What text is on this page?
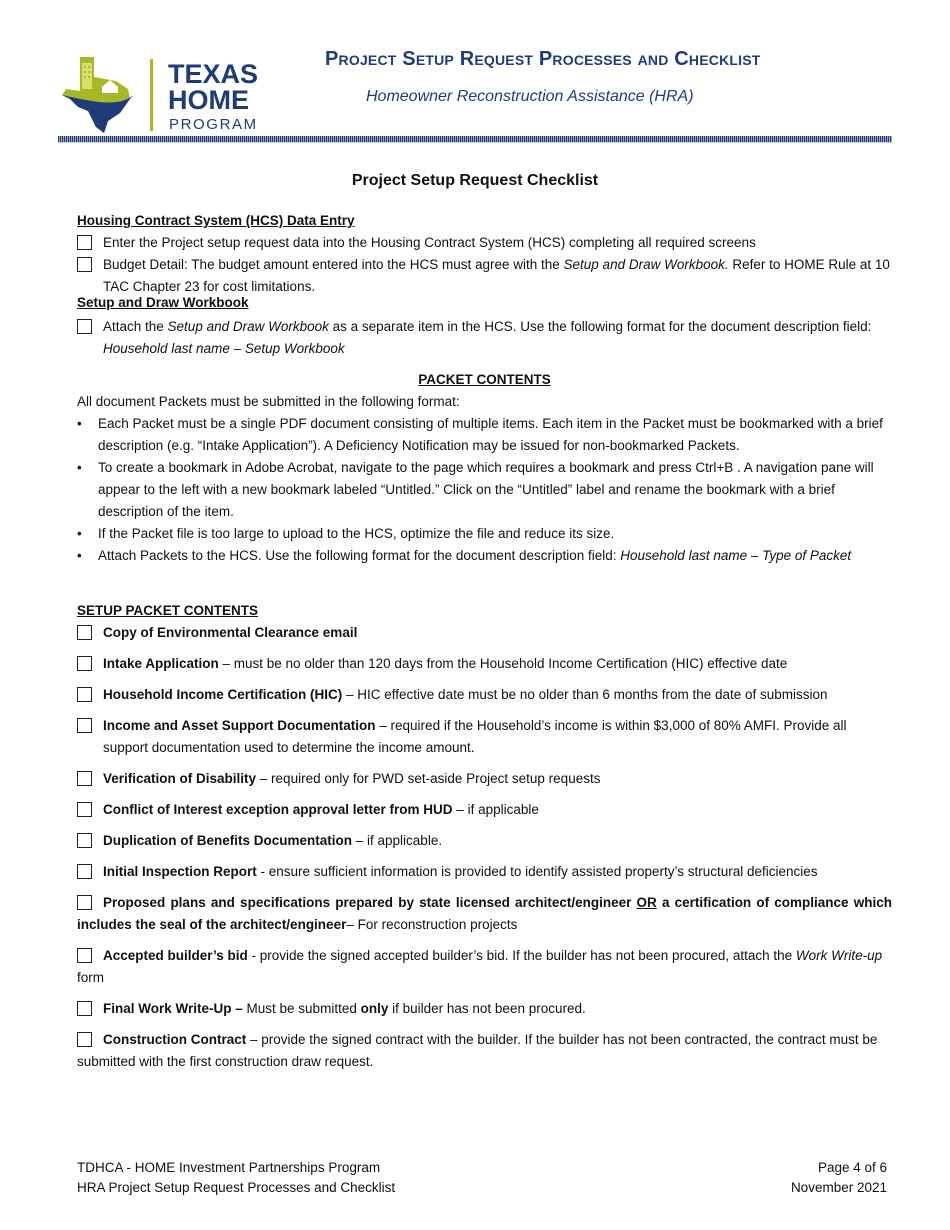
TEXAS
HOME
PROGRAM
Project Setup Request Processes and Checklist
Homeowner Reconstruction Assistance (HRA)
Project Setup Request Checklist
Housing Contract System (HCS) Data Entry
Enter the Project setup request data into the Housing Contract System (HCS) completing all required screens
Budget Detail: The budget amount entered into the HCS must agree with the Setup and Draw Workbook. Refer to HOME Rule at 10 TAC Chapter 23 for cost limitations.
Setup and Draw Workbook
Attach the Setup and Draw Workbook as a separate item in the HCS. Use the following format for the document description field: Household last name – Setup Workbook
PACKET CONTENTS
All document Packets must be submitted in the following format:
• Each Packet must be a single PDF document consisting of multiple items. Each item in the Packet must be bookmarked with a brief description (e.g. “Intake Application”). A Deficiency Notification may be issued for non-bookmarked Packets.
• To create a bookmark in Adobe Acrobat, navigate to the page which requires a bookmark and press Ctrl+B . A navigation pane will appear to the left with a new bookmark labeled “Untitled.” Click on the “Untitled” label and rename the bookmark with a brief description of the item.
• If the Packet file is too large to upload to the HCS, optimize the file and reduce its size.
• Attach Packets to the HCS. Use the following format for the document description field: Household last name – Type of Packet
SETUP PACKET CONTENTS
Copy of Environmental Clearance email
Intake Application – must be no older than 120 days from the Household Income Certification (HIC) effective date
Household Income Certification (HIC) – HIC effective date must be no older than 6 months from the date of submission
Income and Asset Support Documentation – required if the Household’s income is within $3,000 of 80% AMFI. Provide all support documentation used to determine the income amount.
Verification of Disability – required only for PWD set-aside Project setup requests
Conflict of Interest exception approval letter from HUD – if applicable
Duplication of Benefits Documentation – if applicable.
Initial Inspection Report - ensure sufficient information is provided to identify assisted property’s structural deficiencies
Proposed plans and specifications prepared by state licensed architect/engineer OR a certification of compliance which includes the seal of the architect/engineer– For reconstruction projects
Accepted builder’s bid - provide the signed accepted builder’s bid. If the builder has not been procured, attach the Work Write-up form
Final Work Write-Up – Must be submitted only if builder has not been procured.
Construction Contract – provide the signed contract with the builder. If the builder has not been contracted, the contract must be submitted with the first construction draw request.
TDHCA - HOME Investment Partnerships Program
HRA Project Setup Request Processes and Checklist
Page 4 of 6
November 2021
